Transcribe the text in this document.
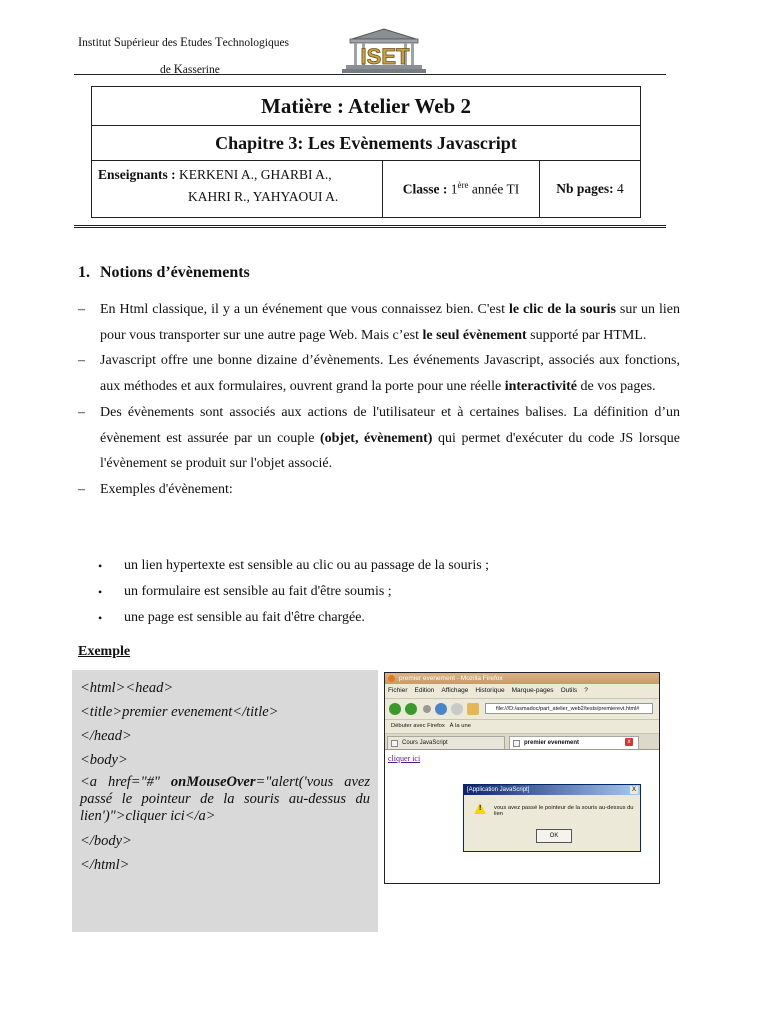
Institut Supérieur des Etudes Technologiques
de Kasserine
ISET
Matière : Atelier Web 2
Chapitre 3: Les Evènements Javascript

Enseignants : KERKENI A., GHARBI A.,
KAHRI R., YAHYAOUI A.	Classe : 1ère année TI	Nb pages: 4
1. Notions d’évènements
–	En Html classique, il y a un événement que vous connaissez bien. C'est le clic de la souris sur un lien pour vous transporter sur une autre page Web. Mais c’est le seul évènement supporté par HTML.
–	Javascript offre une bonne dizaine d’évènements. Les événements Javascript, associés aux fonctions, aux méthodes et aux formulaires, ouvrent grand la porte pour une réelle interactivité de vos pages.
–	Des évènements sont associés aux actions de l'utilisateur et à certaines balises. La définition d’un évènement est assurée par un couple (objet, évènement) qui permet d'exécuter du code JS lorsque l'évènement se produit sur l'objet associé.
–	Exemples d'évènement:
•	un lien hypertexte est sensible au clic ou au passage de la souris ;
•	un formulaire est sensible au fait d'être soumis ;
•	une page est sensible au fait d'être chargée.
Exemple
<html><head>
<title>premier evenement</title>
</head>
<body>
<a href="#" onMouseOver="alert('vous avez passé le pointeur de la souris au-dessus du lien')">cliquer ici</a>
</body>
</html>
premier evenement - Mozilla Firefox
Fichier Edition Affichage Historique Marque-pages Outils ?
file:///D:/asmadoc/part_atelier_web2/tests/premierevt.html#
Débuter avec Firefox À la une
Cours JavaScript	premier evenement	x
cliquer ici
[Application JavaScript]	X
! vous avez passé le pointeur de la souris au-dessus du lien
OK
